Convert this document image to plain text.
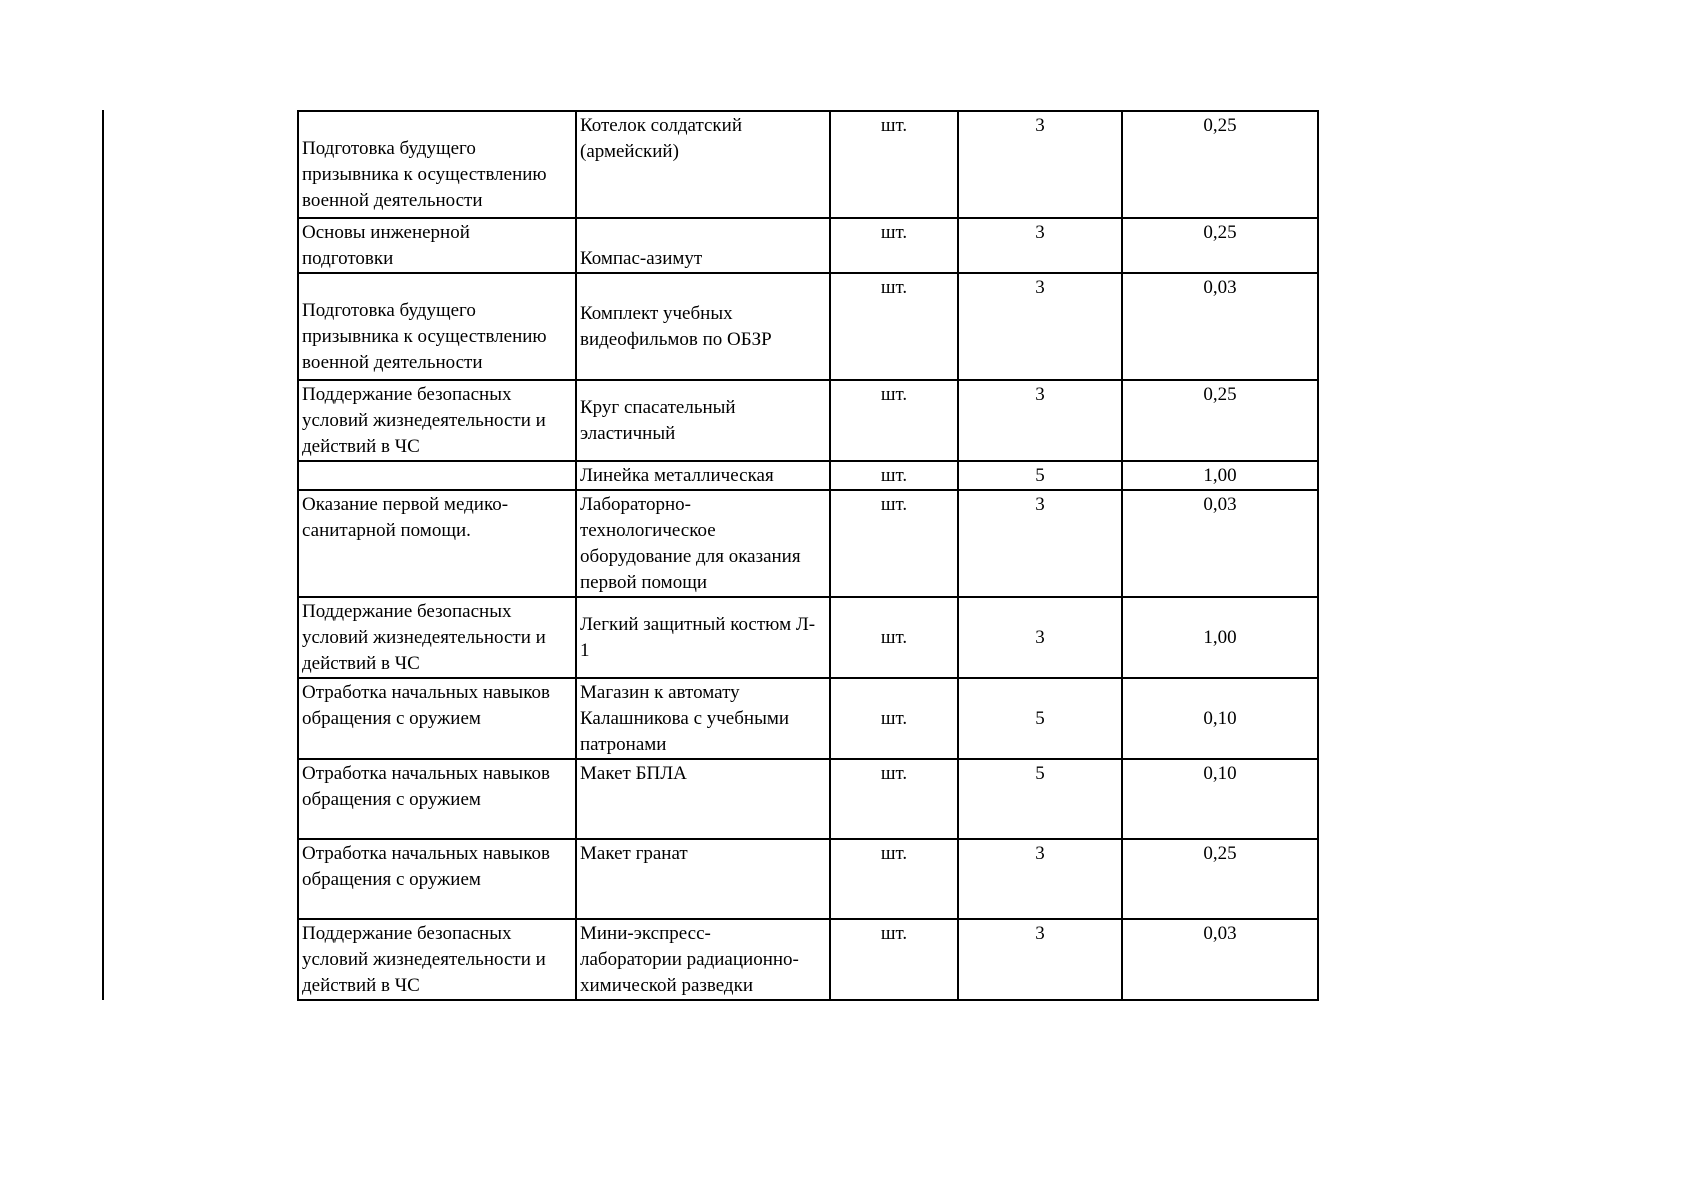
Подготовка будущего
призывника к осуществлению
военной деятельности	Котелок солдатский
(армейский)	шт.	3	0,25
Основы инженерной
подготовки	Компас-азимут	шт.	3	0,25
Подготовка будущего
призывника к осуществлению
военной деятельности	Комплект учебных
видеофильмов по ОБЗР	шт.	3	0,03
Поддержание безопасных
условий жизнедеятельности и
действий в ЧС	Круг спасательный
эластичный	шт.	3	0,25
	Линейка металлическая	шт.	5	1,00
Оказание первой медико-
санитарной помощи.	Лабораторно-
технологическое
оборудование для оказания
первой помощи	шт.	3	0,03
Поддержание безопасных
условий жизнедеятельности и
действий в ЧС	Легкий защитный костюм Л-
1	шт.	3	1,00
Отработка начальных навыков
обращения с оружием	Магазин к автомату
Калашникова с учебными
патронами	шт.	5	0,10
Отработка начальных навыков
обращения с оружием	Макет БПЛА	шт.	5	0,10
Отработка начальных навыков
обращения с оружием	Макет гранат	шт.	3	0,25
Поддержание безопасных
условий жизнедеятельности и
действий в ЧС	Мини-экспресс-
лаборатории радиационно-
химической разведки	шт.	3	0,03
